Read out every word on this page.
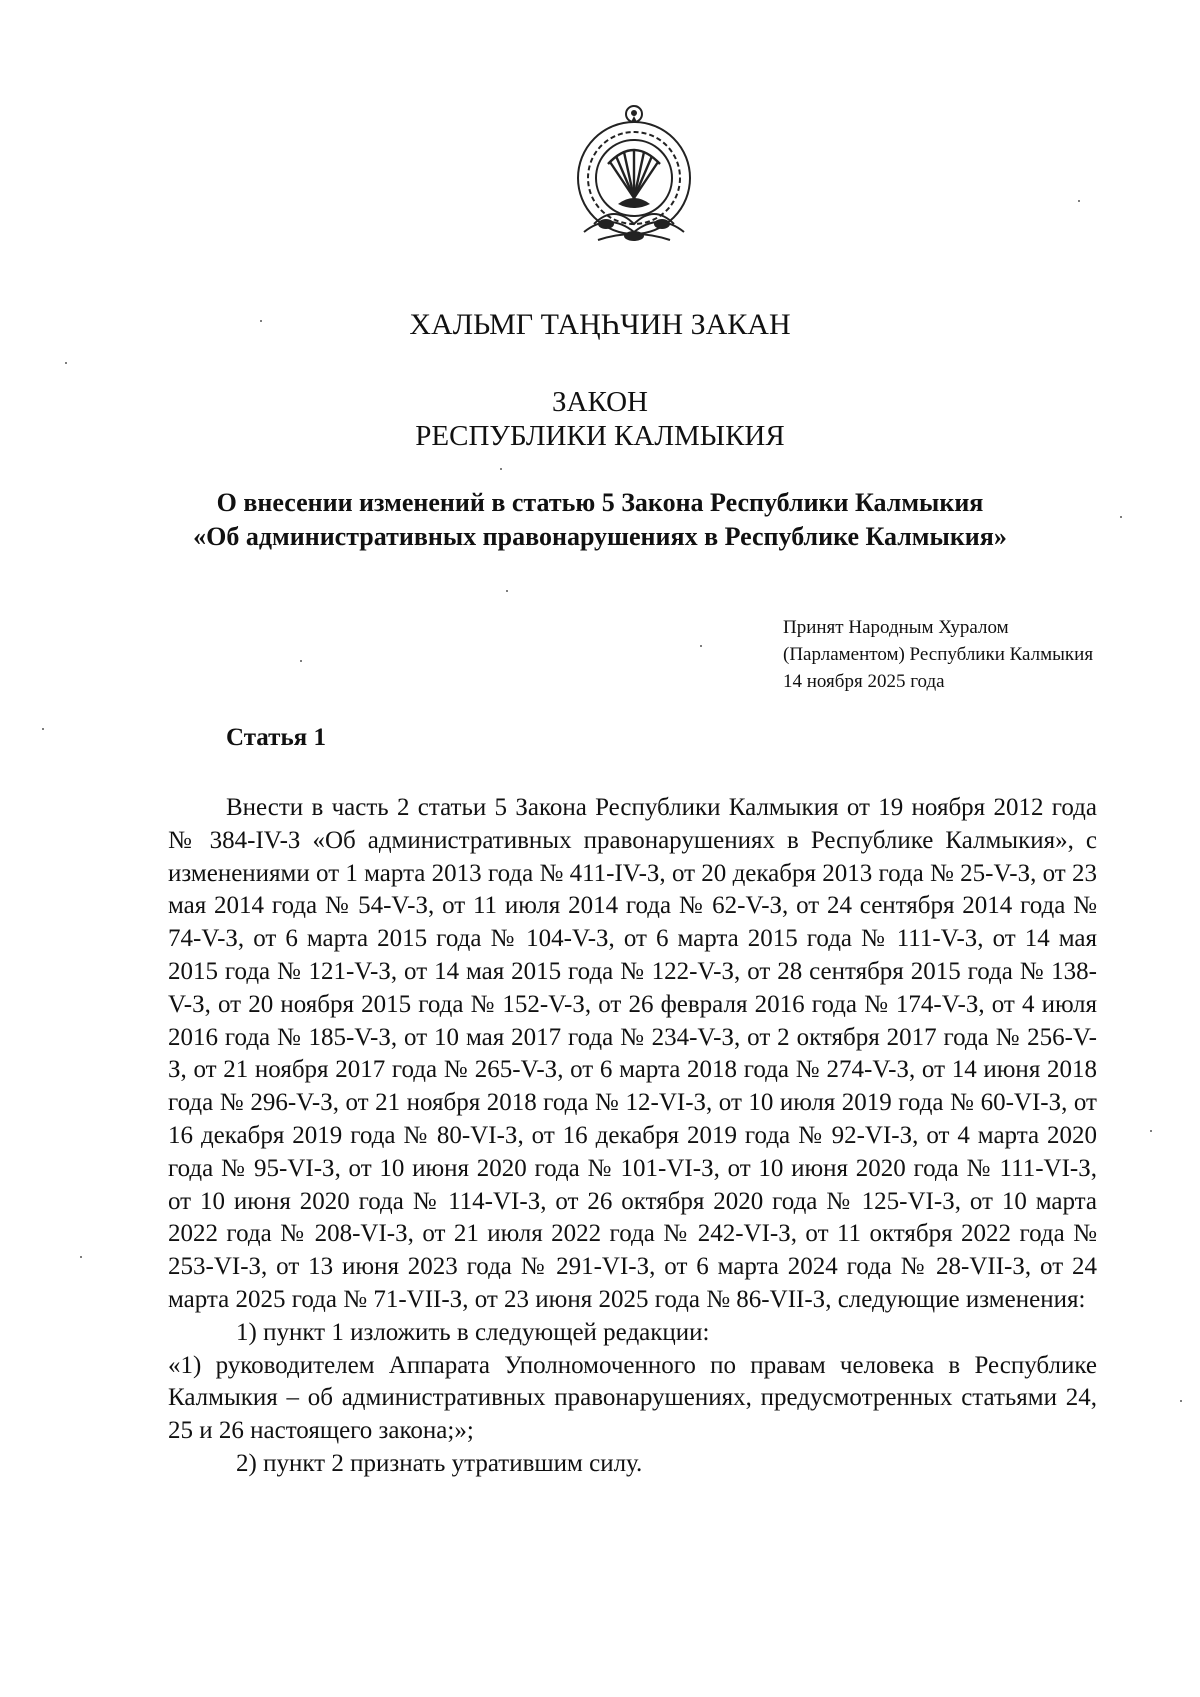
ХАЛЬМГ ТАҢҺЧИН ЗАКАН
ЗАКОН
РЕСПУБЛИКИ КАЛМЫКИЯ
О внесении изменений в статью 5 Закона Республики Калмыкия
«Об административных правонарушениях в Республике Калмыкия»
Принят Народным Хуралом
(Парламентом) Республики Калмыкия
14 ноября 2025 года
Статья 1

Внести в часть 2 статьи 5 Закона Республики Калмыкия от 19 ноября 2012 года № 384-IV-З «Об административных правонарушениях в Республике Калмыкия», с изменениями от 1 марта 2013 года № 411-IV-З, от 20 декабря 2013 года № 25-V-З, от 23 мая 2014 года № 54-V-З, от 11 июля 2014 года № 62-V-З, от 24 сентября 2014 года № 74-V-З, от 6 марта 2015 года № 104-V-З, от 6 марта 2015 года № 111-V-З, от 14 мая 2015 года № 121-V-З, от 14 мая 2015 года № 122-V-З, от 28 сентября 2015 года № 138-V-З, от 20 ноября 2015 года № 152-V-З, от 26 февраля 2016 года № 174-V-З, от 4 июля 2016 года № 185-V-З, от 10 мая 2017 года № 234-V-З, от 2 октября 2017 года № 256-V-З, от 21 ноября 2017 года № 265-V-З, от 6 марта 2018 года № 274-V-З, от 14 июня 2018 года № 296-V-З, от 21 ноября 2018 года № 12-VI-З, от 10 июля 2019 года № 60-VI-З, от 16 декабря 2019 года № 80-VI-З, от 16 декабря 2019 года № 92-VI-З, от 4 марта 2020 года № 95-VI-З, от 10 июня 2020 года № 101-VI-З, от 10 июня 2020 года № 111-VI-З, от 10 июня 2020 года № 114-VI-З, от 26 октября 2020 года № 125-VI-З, от 10 марта 2022 года № 208-VI-З, от 21 июля 2022 года № 242-VI-З, от 11 октября 2022 года № 253-VI-З, от 13 июня 2023 года № 291-VI-З, от 6 марта 2024 года № 28-VII-З, от 24 марта 2025 года № 71-VII-З, от 23 июня 2025 года № 86-VII-З, следующие изменения:

1) пункт 1 изложить в следующей редакции:

«1) руководителем Аппарата Уполномоченного по правам человека в Республике Калмыкия – об административных правонарушениях, предусмотренных статьями 24, 25 и 26 настоящего закона;»;

2) пункт 2 признать утратившим силу.
